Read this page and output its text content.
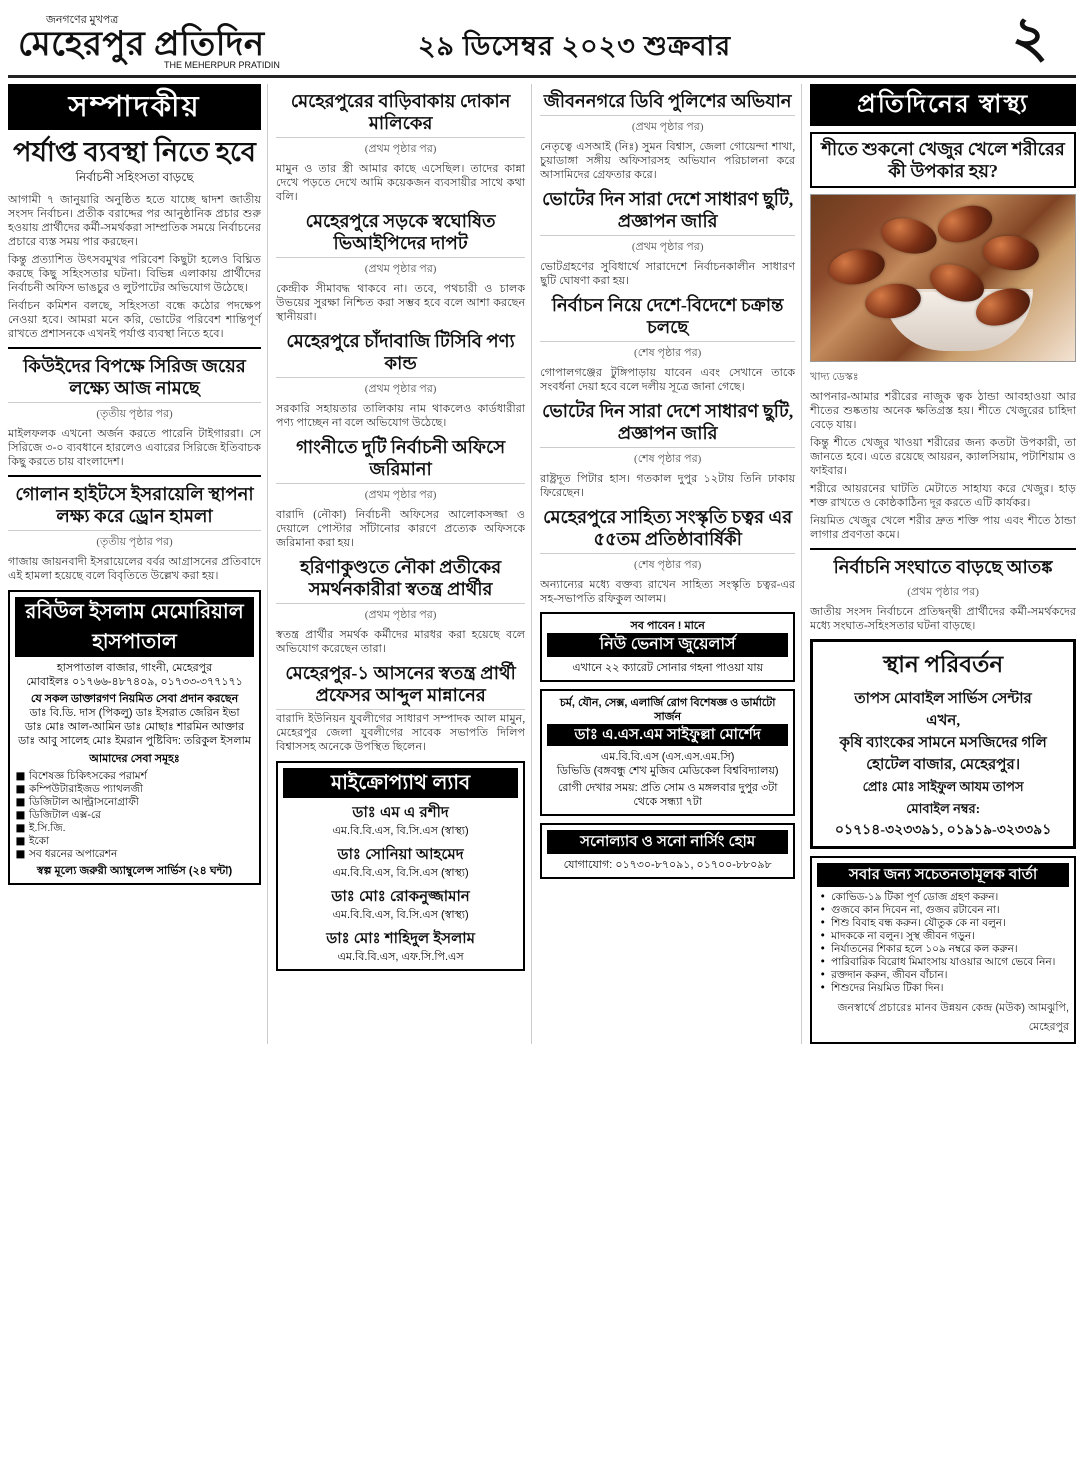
জনগণের মুখপত্র
মেহেরপুর প্রতিদিন
THE MEHERPUR PRATIDIN
২৯ ডিসেম্বর ২০২৩ শুক্রবার	২
সম্পাদকীয়
পর্যাপ্ত ব্যবস্থা নিতে হবে
নির্বাচনী সহিংসতা বাড়ছে
আগামী ৭ জানুয়ারি অনুষ্ঠিত হতে যাচ্ছে দ্বাদশ জাতীয় সংসদ নির্বাচন। প্রতীক বরাদ্দের পর আনুষ্ঠানিক প্রচার শুরু হওয়ায় প্রার্থীদের কর্মী-সমর্থকরা সাম্প্রতিক সময়ে নির্বাচনের প্রচারে ব্যস্ত সময় পার করছেন।
কিন্তু প্রত্যাশিত উৎসবমুখর পরিবেশ কিছুটা হলেও বিঘ্নিত করছে কিছু সহিংসতার ঘটনা। বিভিন্ন এলাকায় প্রার্থীদের নির্বাচনী অফিস ভাঙচুর ও লুটপাটের অভিযোগ উঠেছে।
নির্বাচন কমিশন বলছে, সহিংসতা বন্ধে কঠোর পদক্ষেপ নেওয়া হবে। আমরা মনে করি, ভোটের পরিবেশ শান্তিপূর্ণ রাখতে প্রশাসনকে এখনই পর্যাপ্ত ব্যবস্থা নিতে হবে।
কিউইদের বিপক্ষে সিরিজ জয়ের লক্ষ্যে আজ নামছে
(তৃতীয় পৃষ্ঠার পর)
মাইলফলক এখনো অর্জন করতে পারেনি টাইগাররা। সে সিরিজে ৩-০ ব্যবধানে হারলেও এবারের সিরিজে ইতিবাচক কিছু করতে চায় বাংলাদেশ।
গোলান হাইটসে ইসরায়েলি স্থাপনা লক্ষ্য করে ড্রোন হামলা
(তৃতীয় পৃষ্ঠার পর)
গাজায় জায়নবাদী ইসরায়েলের বর্বর আগ্রাসনের প্রতিবাদে এই হামলা হয়েছে বলে বিবৃতিতে উল্লেখ করা হয়।
রবিউল ইসলাম মেমোরিয়াল হাসপাতাল
হাসপাতাল বাজার, গাংনী, মেহেরপুর
মোবাইলঃ ০১৭৬৬-৪৮৭৪০৯, ০১৭৩৩-৩৭৭১৭১
যে সকল ডাক্তারগণ নিয়মিত সেবা প্রদান করছেন
ডাঃ বি.ডি. দাস (পিকলু) ডাঃ ইসরাত জেরিন ইভা
ডাঃ মোঃ আল-আমিন ডাঃ মোছাঃ শারমিন আক্তার
ডাঃ আবু সালেহ মোঃ ইমরান পুষ্টিবিদ: তরিকুল ইসলাম
আমাদের সেবা সমূহঃ
■ বিশেষজ্ঞ চিকিৎসকের পরামর্শ
■ কম্পিউটারাইজড প্যাথলজী
■ ডিজিটাল আল্ট্রাসনোগ্রাফী
■ ডিজিটাল এক্স-রে
■ ই.সি.জি.
■ ইকো
■ সব ধরনের অপারেশন
স্বল্প মূল্যে জরুরী অ্যাম্বুলেন্স সার্ভিস (২৪ ঘন্টা)
মেহেরপুরের বাড়িবাকায় দোকান মালিকের
(প্রথম পৃষ্ঠার পর)
মামুন ও তার স্ত্রী আমার কাছে এসেছিল। তাদের কান্না দেখে পড়তে দেখে আমি কয়েকজন ব্যবসায়ীর সাথে কথা বলি।
মেহেরপুরে সড়কে স্বঘোষিত ভিআইপিদের দাপট
(প্রথম পৃষ্ঠার পর)
কেন্দ্রীক সীমাবদ্ধ থাকবে না। তবে, পথচারী ও চালক উভয়ের সুরক্ষা নিশ্চিত করা সম্ভব হবে বলে আশা করছেন স্থানীয়রা।
মেহেরপুরে চাঁদাবাজি টিসিবি পণ্য কান্ড
(প্রথম পৃষ্ঠার পর)
সরকারি সহায়তার তালিকায় নাম থাকলেও কার্ডধারীরা পণ্য পাচ্ছেন না বলে অভিযোগ উঠেছে।
গাংনীতে দুটি নির্বাচনী অফিসে জরিমানা
(প্রথম পৃষ্ঠার পর)
বারাদি (নৌকা) নির্বাচনী অফিসের আলোকসজ্জা ও দেয়ালে পোস্টার সাঁটানোর কারণে প্রত্যেক অফিসকে জরিমানা করা হয়।
হরিণাকুণ্ডতে নৌকা প্রতীকের সমর্থনকারীরা স্বতন্ত্র প্রার্থীর
(প্রথম পৃষ্ঠার পর)
স্বতন্ত্র প্রার্থীর সমর্থক কর্মীদের মারধর করা হয়েছে বলে অভিযোগ করেছেন তারা।
মেহেরপুর-১ আসনের স্বতন্ত্র প্রার্থী প্রফেসর আব্দুল মান্নানের
বারাদি ইউনিয়ন যুবলীগের সাধারণ সম্পাদক আল মামুন, মেহেরপুর জেলা যুবলীগের সাবেক সভাপতি দিলিপ বিশ্বাসসহ অনেকে উপস্থিত ছিলেন।
মাইক্রোপ্যাথ ল্যাব
ডাঃ এম এ রশীদ
এম.বি.বি.এস, বি.সি.এস (স্বাস্থ্য)
ডাঃ সোনিয়া আহমেদ
এম.বি.বি.এস, বি.সি.এস (স্বাস্থ্য)
ডাঃ মোঃ রোকনুজ্জামান
এম.বি.বি.এস, বি.সি.এস (স্বাস্থ্য)
ডাঃ মোঃ শাহিদুল ইসলাম
এম.বি.বি.এস, এফ.সি.পি.এস
জীবননগরে ডিবি পুলিশের অভিযান
(প্রথম পৃষ্ঠার পর)
নেতৃত্বে এসআই (নিঃ) সুমন বিশ্বাস, জেলা গোয়েন্দা শাখা, চুয়াডাঙ্গা সঙ্গীয় অফিসারসহ অভিযান পরিচালনা করে আসামিদের গ্রেফতার করে।
ভোটের দিন সারা দেশে সাধারণ ছুটি, প্রজ্ঞাপন জারি
(প্রথম পৃষ্ঠার পর)
ভোটগ্রহণের সুবিধার্থে সারাদেশে নির্বাচনকালীন সাধারণ ছুটি ঘোষণা করা হয়।
নির্বাচন নিয়ে দেশে-বিদেশে চক্রান্ত চলছে
(শেষ পৃষ্ঠার পর)
গোপালগঞ্জের টুঙ্গিপাড়ায় যাবেন এবং সেখানে তাকে সংবর্ধনা দেয়া হবে বলে দলীয় সূত্রে জানা গেছে।
ভোটের দিন সারা দেশে সাধারণ ছুটি, প্রজ্ঞাপন জারি
(শেষ পৃষ্ঠার পর)
রাষ্ট্রদূত পিটার হাস। গতকাল দুপুর ১২টায় তিনি ঢাকায় ফিরেছেন।
মেহেরপুরে সাহিত্য সংস্কৃতি চত্বর এর ৫৫তম প্রতিষ্ঠাবার্ষিকী
(শেষ পৃষ্ঠার পর)
অন্যান্যের মধ্যে বক্তব্য রাখেন সাহিত্য সংস্কৃতি চত্বর-এর সহ-সভাপতি রফিকুল আলম।
সব পাবেন ! মানে
নিউ ভেনাস জুয়েলার্স
এখানে ২২ ক্যারেট সোনার গহনা পাওয়া যায়
চর্ম, যৌন, সেক্স, এলার্জি রোগ বিশেষজ্ঞ ও ডার্মাটো সার্জন
ডাঃ এ.এস.এম সাইফুল্লা মোর্শেদ
এম.বি.বি.এস (এস.এস.এম.সি)
ডিভিডি (বঙ্গবন্ধু শেখ মুজিব মেডিকেল বিশ্ববিদ্যালয়)
রোগী দেখার সময়: প্রতি সোম ও মঙ্গলবার দুপুর ৩টা থেকে সন্ধ্যা ৭টা
সনোল্যাব ও সনো নার্সিং হোম
যোগাযোগ: ০১৭৩০-৮৭০৯১, ০১৭০০-৮৮০৯৮
প্রতিদিনের স্বাস্থ্য
শীতে শুকনো খেজুর খেলে শরীরের কী উপকার হয়?
খাদ্য ডেস্কঃ
আপনার-আমার শরীরের নাজুক ত্বক ঠান্ডা আবহাওয়া আর শীতের শুষ্কতায় অনেক ক্ষতিগ্রস্ত হয়। শীতে খেজুরের চাহিদা বেড়ে যায়।
কিন্তু শীতে খেজুর খাওয়া শরীরের জন্য কতটা উপকারী, তা জানতে হবে। এতে রয়েছে আয়রন, ক্যালসিয়াম, পটাশিয়াম ও ফাইবার।
শরীরে আয়রনের ঘাটতি মেটাতে সাহায্য করে খেজুর। হাড় শক্ত রাখতে ও কোষ্ঠকাঠিন্য দূর করতে এটি কার্যকর।
নিয়মিত খেজুর খেলে শরীর দ্রুত শক্তি পায় এবং শীতে ঠান্ডা লাগার প্রবণতা কমে।
নির্বাচনি সংঘাতে বাড়ছে আতঙ্ক
(প্রথম পৃষ্ঠার পর)
জাতীয় সংসদ নির্বাচনে প্রতিদ্বন্দ্বী প্রার্থীদের কর্মী-সমর্থকদের মধ্যে সংঘাত-সহিংসতার ঘটনা বাড়ছে।
স্থান পরিবর্তন
তাপস মোবাইল সার্ভিস সেন্টার
এখন,
কৃষি ব্যাংকের সামনে মসজিদের গলি
হোটেল বাজার, মেহেরপুর।
প্রোঃ মোঃ সাইফুল আযম তাপস
মোবাইল নম্বর:
০১৭১৪-৩২৩৩৯১, ০১৯১৯-৩২৩৩৯১
সবার জন্য সচেতনতামূলক বার্তা
• কোভিড-১৯ টিকা পূর্ণ ডোজ গ্রহণ করুন।
• গুজবে কান দিবেন না, গুজব রটাবেন না।
• শিশু বিবাহ বন্ধ করুন। যৌতুক কে না বলুন।
• মাদককে না বলুন। সুস্থ জীবন গড়ুন।
• নির্যাতনের শিকার হলে ১০৯ নম্বরে কল করুন।
• পারিবারিক বিরোধ মিমাংসায় যাওয়ার আগে ভেবে নিন।
• রক্তদান করুন, জীবন বাঁচান।
• শিশুদের নিয়মিত টিকা দিন।
জনস্বার্থে প্রচারেঃ মানব উন্নয়ন কেন্দ্র (মউক) আমঝুপি, মেহেরপুর
